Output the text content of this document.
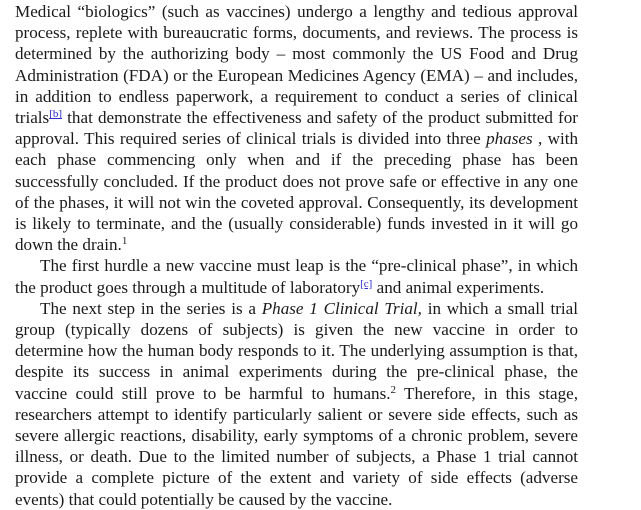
Medical “biologics” (such as vaccines) undergo a lengthy and tedious approval process, replete with bureaucratic forms, documents, and reviews. The process is determined by the authorizing body – most commonly the US Food and Drug Administration (FDA) or the European Medicines Agency (EMA) – and includes, in addition to endless paperwork, a requirement to conduct a series of clinical trials[b] that demonstrate the effectiveness and safety of the product submitted for approval. This required series of clinical trials is divided into three phases , with each phase commencing only when and if the preceding phase has been successfully concluded. If the product does not prove safe or effective in any one of the phases, it will not win the coveted approval. Consequently, its development is likely to terminate, and the (usually considerable) funds invested in it will go down the drain.$^1$

The first hurdle a new vaccine must leap is the “pre-clinical phase”, in which the product goes through a multitude of laboratory[c] and animal experiments.

The next step in the series is a Phase 1 Clinical Trial, in which a small trial group (typically dozens of subjects) is given the new vaccine in order to determine how the human body responds to it. The underlying assumption is that, despite its success in animal experiments during the pre-clinical phase, the vaccine could still prove to be harmful to humans.$^2$ Therefore, in this stage, researchers attempt to identify particularly salient or severe side effects, such as severe allergic reactions, disability, early symptoms of a chronic problem, severe illness, or death. Due to the limited number of subjects, a Phase 1 trial cannot provide a complete picture of the extent and variety of side effects (adverse events) that could potentially be caused by the vaccine.
